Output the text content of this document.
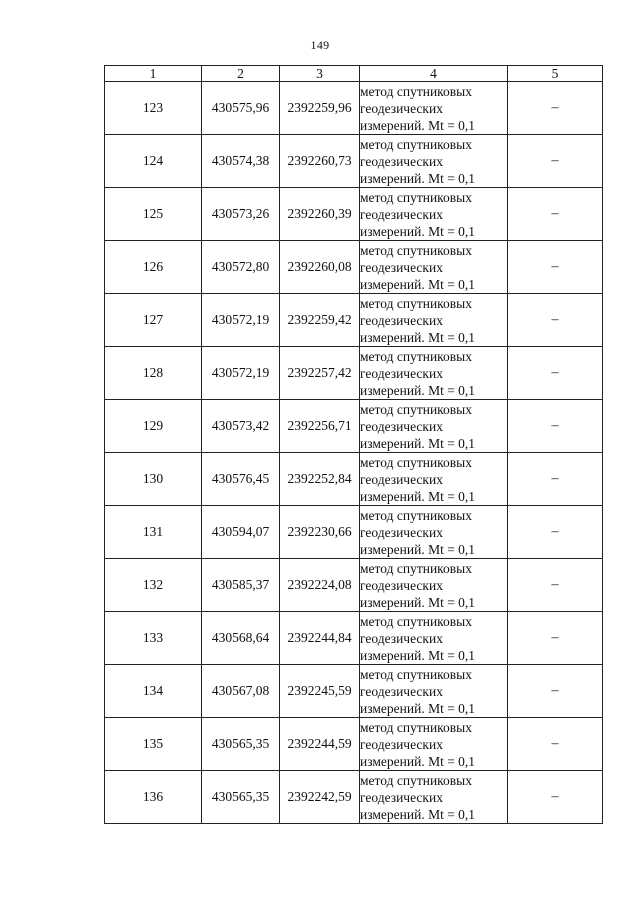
149
1	2	3	4	5
123	430575,96	2392259,96	метод спутниковых геодезических измерений. Mt = 0,1	–
124	430574,38	2392260,73	метод спутниковых геодезических измерений. Mt = 0,1	–
125	430573,26	2392260,39	метод спутниковых геодезических измерений. Mt = 0,1	–
126	430572,80	2392260,08	метод спутниковых геодезических измерений. Mt = 0,1	–
127	430572,19	2392259,42	метод спутниковых геодезических измерений. Mt = 0,1	–
128	430572,19	2392257,42	метод спутниковых геодезических измерений. Mt = 0,1	–
129	430573,42	2392256,71	метод спутниковых геодезических измерений. Mt = 0,1	–
130	430576,45	2392252,84	метод спутниковых геодезических измерений. Mt = 0,1	–
131	430594,07	2392230,66	метод спутниковых геодезических измерений. Mt = 0,1	–
132	430585,37	2392224,08	метод спутниковых геодезических измерений. Mt = 0,1	–
133	430568,64	2392244,84	метод спутниковых геодезических измерений. Mt = 0,1	–
134	430567,08	2392245,59	метод спутниковых геодезических измерений. Mt = 0,1	–
135	430565,35	2392244,59	метод спутниковых геодезических измерений. Mt = 0,1	–
136	430565,35	2392242,59	метод спутниковых геодезических измерений. Mt = 0,1	–
